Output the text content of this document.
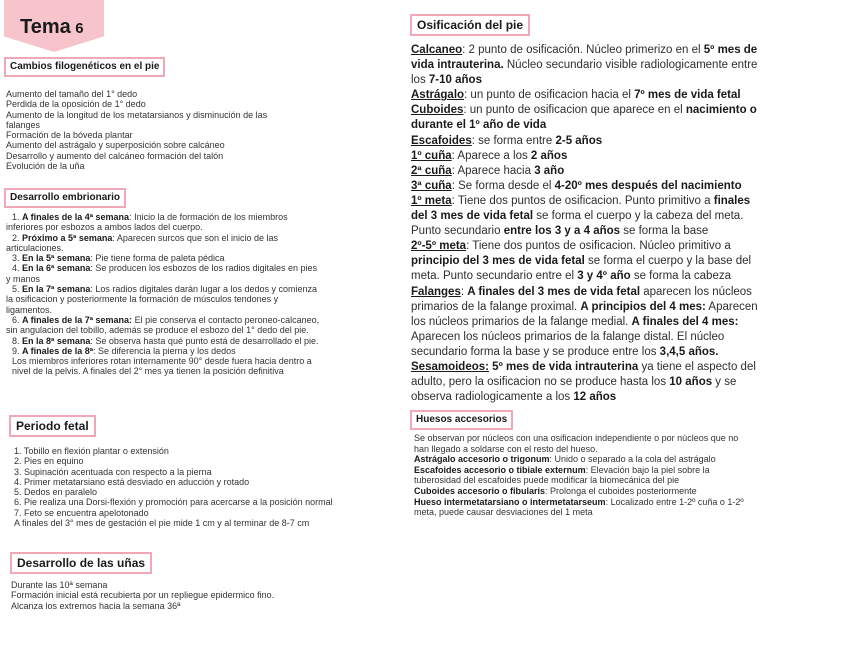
Tema 6
Cambios filogenéticos en el pie

Aumento del tamaño del 1° dedo

Perdida de la oposición de 1° dedo

Aumento de la longitud de los metatarsianos y disminución de las

falanges

Formación de la bóveda plantar

Aumento del astrágalo y superposición sobre calcáneo

Desarrollo y aumento del calcáneo formación del talón

Evolución de la uña

Desarrollo embrionario

1. A finales de la 4ª semana: Inicio la de formación de los miembros

inferiores por esbozos a ambos lados del cuerpo.

2. Próximo a 5ª semana: Aparecen surcos que son el inicio de las

articulaciones.

3. En la 5ª semana: Pie tiene forma de paleta pédica

4. En la 6ª semana: Se producen los esbozos de los radios digitales en pies

y manos

5. En la 7ª semana: Los radios digitales darán lugar a los dedos y comienza

la osificacion y posteriormente la formación de músculos tendones y

ligamentos.

6. A finales de la 7ª semana: El pie conserva el contacto peroneo-calcaneo,

sin angulacion del tobillo, además se produce el esbozo del 1° dedo del pie.

8. En la 8ª semana: Se observa hasta qué punto está de desarrollado el pie.

9. A finales de la 8ª: Se diferencia la pierna y los dedos

Los miembros inferiores rotan internamente 90° desde fuera hacia dentro a

nivel de la pelvis. A finales del 2° mes ya tienen la posición definitiva

Periodo fetal

1. Tobillo en flexión plantar o extensión

2. Pies en equino

3. Supinación acentuada con respecto a la pierna

4. Primer metatarsiano está desviado en aducción y rotado

5. Dedos en paralelo

6. Pie realiza una Dorsi-flexión y promoción para acercarse a la posición normal

7. Feto se encuentra apelotonado

A finales del 3° mes de gestación el pie mide 1 cm y al terminar de 8-7 cm

Desarrollo de las uñas

Durante las 10ª semana

Formación inicial está recubierta por un repliegue epidermico fino.

Alcanza los extremos hacia la semana 36ª

Osificación del pie

Calcaneo: 2 punto de osificación. Núcleo primerizo en el 5º mes de

vida intrauterina. Núcleo secundario visible radiologicamente entre

los 7-10 años

Astrágalo: un punto de osificacion hacia el 7º mes de vida fetal

Cuboides: un punto de osificacion que aparece en el nacimiento o

durante el 1º año de vida

Escafoides: se forma entre 2-5 años

1º cuña: Aparece a los 2 años

2ª cuña: Aparece hacia 3 año

3ª cuña: Se forma desde el 4-20º mes después del nacimiento

1º meta: Tiene dos puntos de osificacion. Punto primitivo a finales

del 3 mes de vida fetal se forma el cuerpo y la cabeza del meta.

Punto secundario entre los 3 y a 4 años se forma la base

2º-5º meta: Tiene dos puntos de osificacion. Núcleo primitivo a

principio del 3 mes de vida fetal se forma el cuerpo y la base del

meta. Punto secundario entre el 3 y 4º año se forma la cabeza

Falanges: A finales del 3 mes de vida fetal aparecen los núcleos

primarios de la falange proximal. A principios del 4 mes: Aparecen

los núcleos primarios de la falange medial. A finales del 4 mes:

Aparecen los núcleos primarios de la falange distal. El núcleo

secundario forma la base y se produce entre los 3,4,5 años.

Sesamoideos: 5º mes de vida intrauterina ya tiene el aspecto del

adulto, pero la osificacion no se produce hasta los 10 años y se

observa radiologicamente a los 12 años

Huesos accesorios

Se observan por núcleos con una osificacion independiente o por núcleos que no

han llegado a soldarse con el resto del hueso.

Astrágalo accesorio o trigonum: Unido o separado a la cola del astrágalo

Escafoides accesorio o tibiale externum: Elevación bajo la piel sobre la

tuberosidad del escafoides puede modificar la biomecánica del pie

Cuboides accesorio o fibularis: Prolonga el cuboides posteriormente

Hueso intermetatarsiano o intermetatarseum: Localizado entre 1-2º cuña o 1-2º

meta, puede causar desviaciones del 1 meta
